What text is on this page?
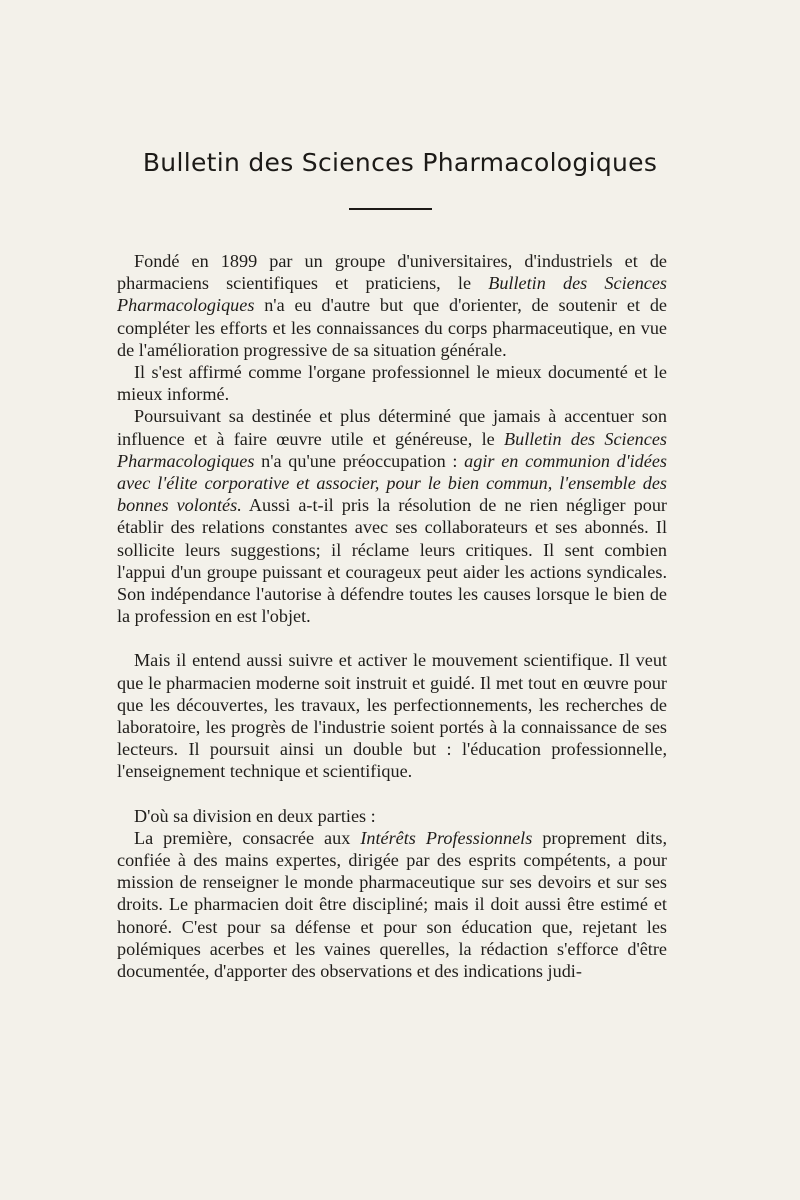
Bulletin des Sciences Pharmacologiques

Fondé en 1899 par un groupe d'universitaires, d'industriels et de pharmaciens scientifiques et praticiens, le Bulletin des Sciences Pharmacologiques n'a eu d'autre but que d'orienter, de soutenir et de compléter les efforts et les connaissances du corps pharmaceutique, en vue de l'amélioration progressive de sa situation générale.

Il s'est affirmé comme l'organe professionnel le mieux documenté et le mieux informé.

Poursuivant sa destinée et plus déterminé que jamais à accentuer son influence et à faire œuvre utile et généreuse, le Bulletin des Sciences Pharmacologiques n'a qu'une préoccupation : agir en communion d'idées avec l'élite corporative et associer, pour le bien commun, l'ensemble des bonnes volontés. Aussi a-t-il pris la résolution de ne rien négliger pour établir des relations constantes avec ses collaborateurs et ses abonnés. Il sollicite leurs suggestions; il réclame leurs critiques. Il sent combien l'appui d'un groupe puissant et courageux peut aider les actions syndicales. Son indépendance l'autorise à défendre toutes les causes lorsque le bien de la profession en est l'objet.

Mais il entend aussi suivre et activer le mouvement scientifique. Il veut que le pharmacien moderne soit instruit et guidé. Il met tout en œuvre pour que les découvertes, les travaux, les perfectionnements, les recherches de laboratoire, les progrès de l'industrie soient portés à la connaissance de ses lecteurs. Il poursuit ainsi un double but : l'éducation professionnelle, l'enseignement technique et scientifique.

D'où sa division en deux parties :

La première, consacrée aux Intérêts Professionnels proprement dits, confiée à des mains expertes, dirigée par des esprits compétents, a pour mission de renseigner le monde pharmaceutique sur ses devoirs et sur ses droits. Le pharmacien doit être discipliné; mais il doit aussi être estimé et honoré. C'est pour sa défense et pour son éducation que, rejetant les polémiques acerbes et les vaines querelles, la rédaction s'efforce d'être documentée, d'apporter des observations et des indications judi-
